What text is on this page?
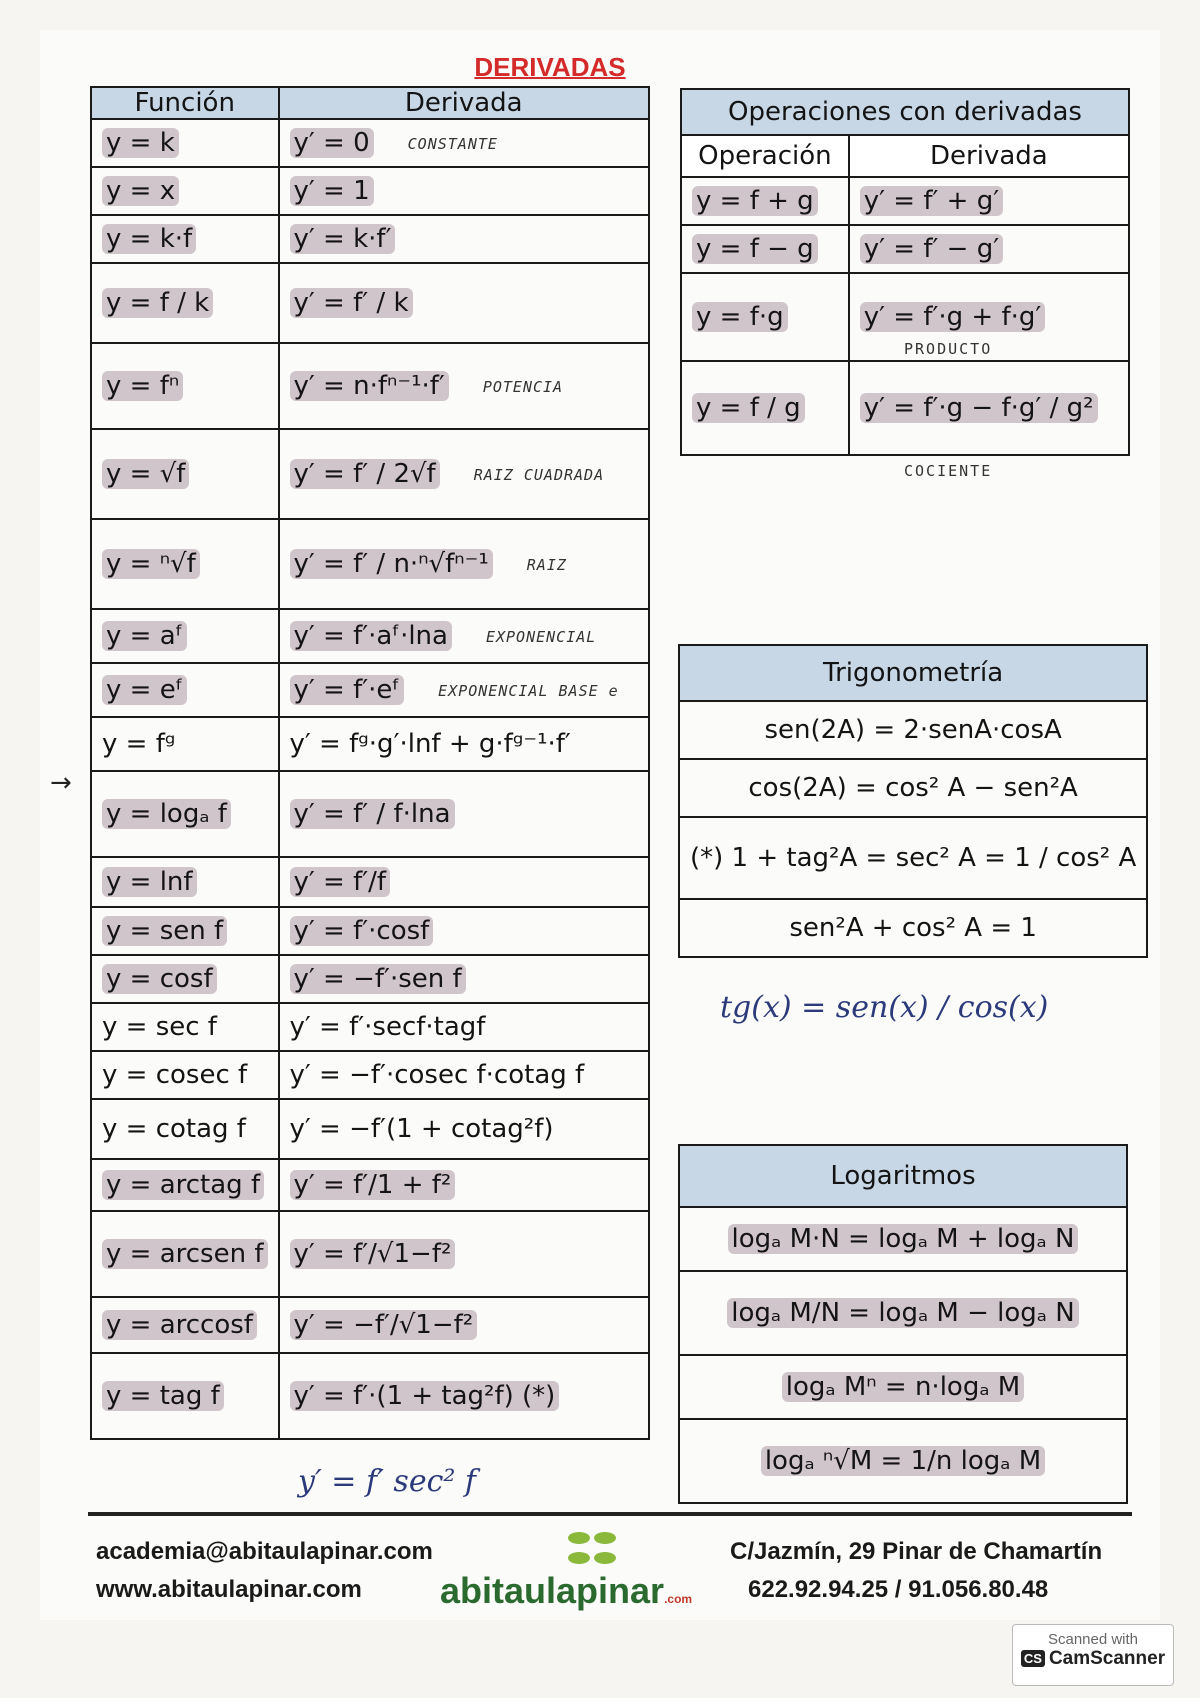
DERIVADAS
Función	Derivada
y = k	y′ = 0 CONSTANTE
y = x	y′ = 1
y = k·f	y′ = k·f′
y = f / k	y′ = f′ / k
y = fⁿ	y′ = n·fⁿ⁻¹·f′ POTENCIA
y = √f	y′ = f′ / 2√f RAIZ CUADRADA
y = ⁿ√f	y′ = f′ / n·ⁿ√fⁿ⁻¹ RAIZ
y = aᶠ	y′ = f′·aᶠ·lna EXPONENCIAL
y = eᶠ	y′ = f′·eᶠ EXPONENCIAL BASE e
y = fᵍ	y′ = fᵍ·g′·lnf + g·fᵍ⁻¹·f′
y = logₐ f	y′ = f′ / f·lna
y = lnf	y′ = f′/f
y = sen f	y′ = f′·cosf
y = cosf	y′ = −f′·sen f
y = sec f	y′ = f′·secf·tagf
y = cosec f	y′ = −f′·cosec f·cotag f
y = cotag f	y′ = −f′(1 + cotag²f)
y = arctag f	y′ = f′/1 + f²
y = arcsen f	y′ = f′/√1−f²
y = arccosf	y′ = −f′/√1−f²
y = tag f	y′ = f′·(1 + tag²f) (*)
y′ = f′ sec² f
→
Operaciones con derivadas	
Operación	Derivada
y = f + g	y′ = f′ + g′
y = f − g	y′ = f′ − g′
y = f·g	y′ = f′·g + f·g′
y = f / g	y′ = f′·g − f·g′ / g²
PRODUCTO
COCIENTE
Trigonometría
sen(2A) = 2·senA·cosA
cos(2A) = cos² A − sen²A
(*) 1 + tag²A = sec² A = 1 / cos² A
sen²A + cos² A = 1
tg(x) = sen(x) / cos(x)
Logaritmos
logₐ M·N = logₐ M + logₐ N
logₐ M/N = logₐ M − logₐ N
logₐ Mⁿ = n·logₐ M
logₐ ⁿ√M = 1/n logₐ M
academia@abitaulapinar.com
www.abitaulapinar.com
C/Jazmín, 29 Pinar de Chamartín
622.92.94.25 / 91.056.80.48

abitaulapinar.com
Scanned with
CS CamScanner
